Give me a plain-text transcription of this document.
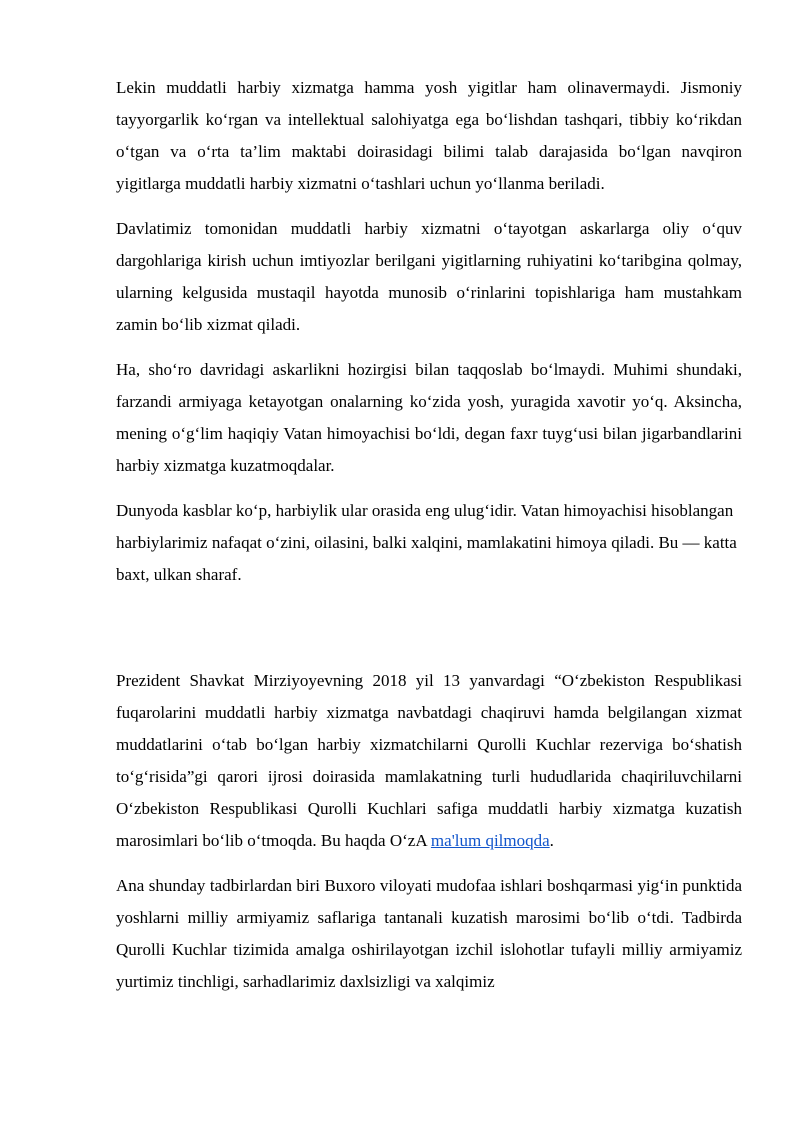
Lekin muddatli harbiy xizmatga hamma yosh yigitlar ham olinavermaydi. Jismoniy tayyorgarlik ko‘rgan va intellektual salohiyatga ega bo‘lishdan tashqari, tibbiy ko‘rikdan o‘tgan va o‘rta ta’lim maktabi doirasidagi bilimi talab darajasida bo‘lgan navqiron yigitlarga muddatli harbiy xizmatni o‘tashlari uchun yo‘llanma beriladi.

Davlatimiz tomonidan muddatli harbiy xizmatni o‘tayotgan askarlarga oliy o‘quv dargohlariga kirish uchun imtiyozlar berilgani yigitlarning ruhiyatini ko‘taribgina qolmay, ularning kelgusida mustaqil hayotda munosib o‘rinlarini topishlariga ham mustahkam zamin bo‘lib xizmat qiladi.

Ha, sho‘ro davridagi askarlikni hozirgisi bilan taqqoslab bo‘lmaydi. Muhimi shundaki, farzandi armiyaga ketayotgan onalarning ko‘zida yosh, yuragida xavotir yo‘q. Aksincha, mening o‘g‘lim haqiqiy Vatan himoyachisi bo‘ldi, degan faxr tuyg‘usi bilan jigarbandlarini harbiy xizmatga kuzatmoqdalar.

Dunyoda kasblar ko‘p, harbiylik ular orasida eng ulug‘idir. Vatan himoyachisi hisoblangan harbiylarimiz nafaqat o‘zini, oilasini, balki xalqini, mamlakatini himoya qiladi. Bu — katta baxt, ulkan sharaf.

Prezident Shavkat Mirziyoyevning 2018 yil 13 yanvardagi “O‘zbekiston Respublikasi fuqarolarini muddatli harbiy xizmatga navbatdagi chaqiruvi hamda belgilangan xizmat muddatlarini o‘tab bo‘lgan harbiy xizmatchilarni Qurolli Kuchlar rezerviga bo‘shatish to‘g‘risida”gi qarori ijrosi doirasida mamlakatning turli hududlarida chaqiriluvchilarni O‘zbekiston Respublikasi Qurolli Kuchlari safiga muddatli harbiy xizmatga kuzatish marosimlari bo‘lib o‘tmoqda. Bu haqda O‘zA ma'lum qilmoqda.

Ana shunday tadbirlardan biri Buxoro viloyati mudofaa ishlari boshqarmasi yig‘in punktida yoshlarni milliy armiyamiz saflariga tantanali kuzatish marosimi bo‘lib o‘tdi. Tadbirda Qurolli Kuchlar tizimida amalga oshirilayotgan izchil islohotlar tufayli milliy armiyamiz yurtimiz tinchligi, sarhadlarimiz daxlsizligi va xalqimiz
